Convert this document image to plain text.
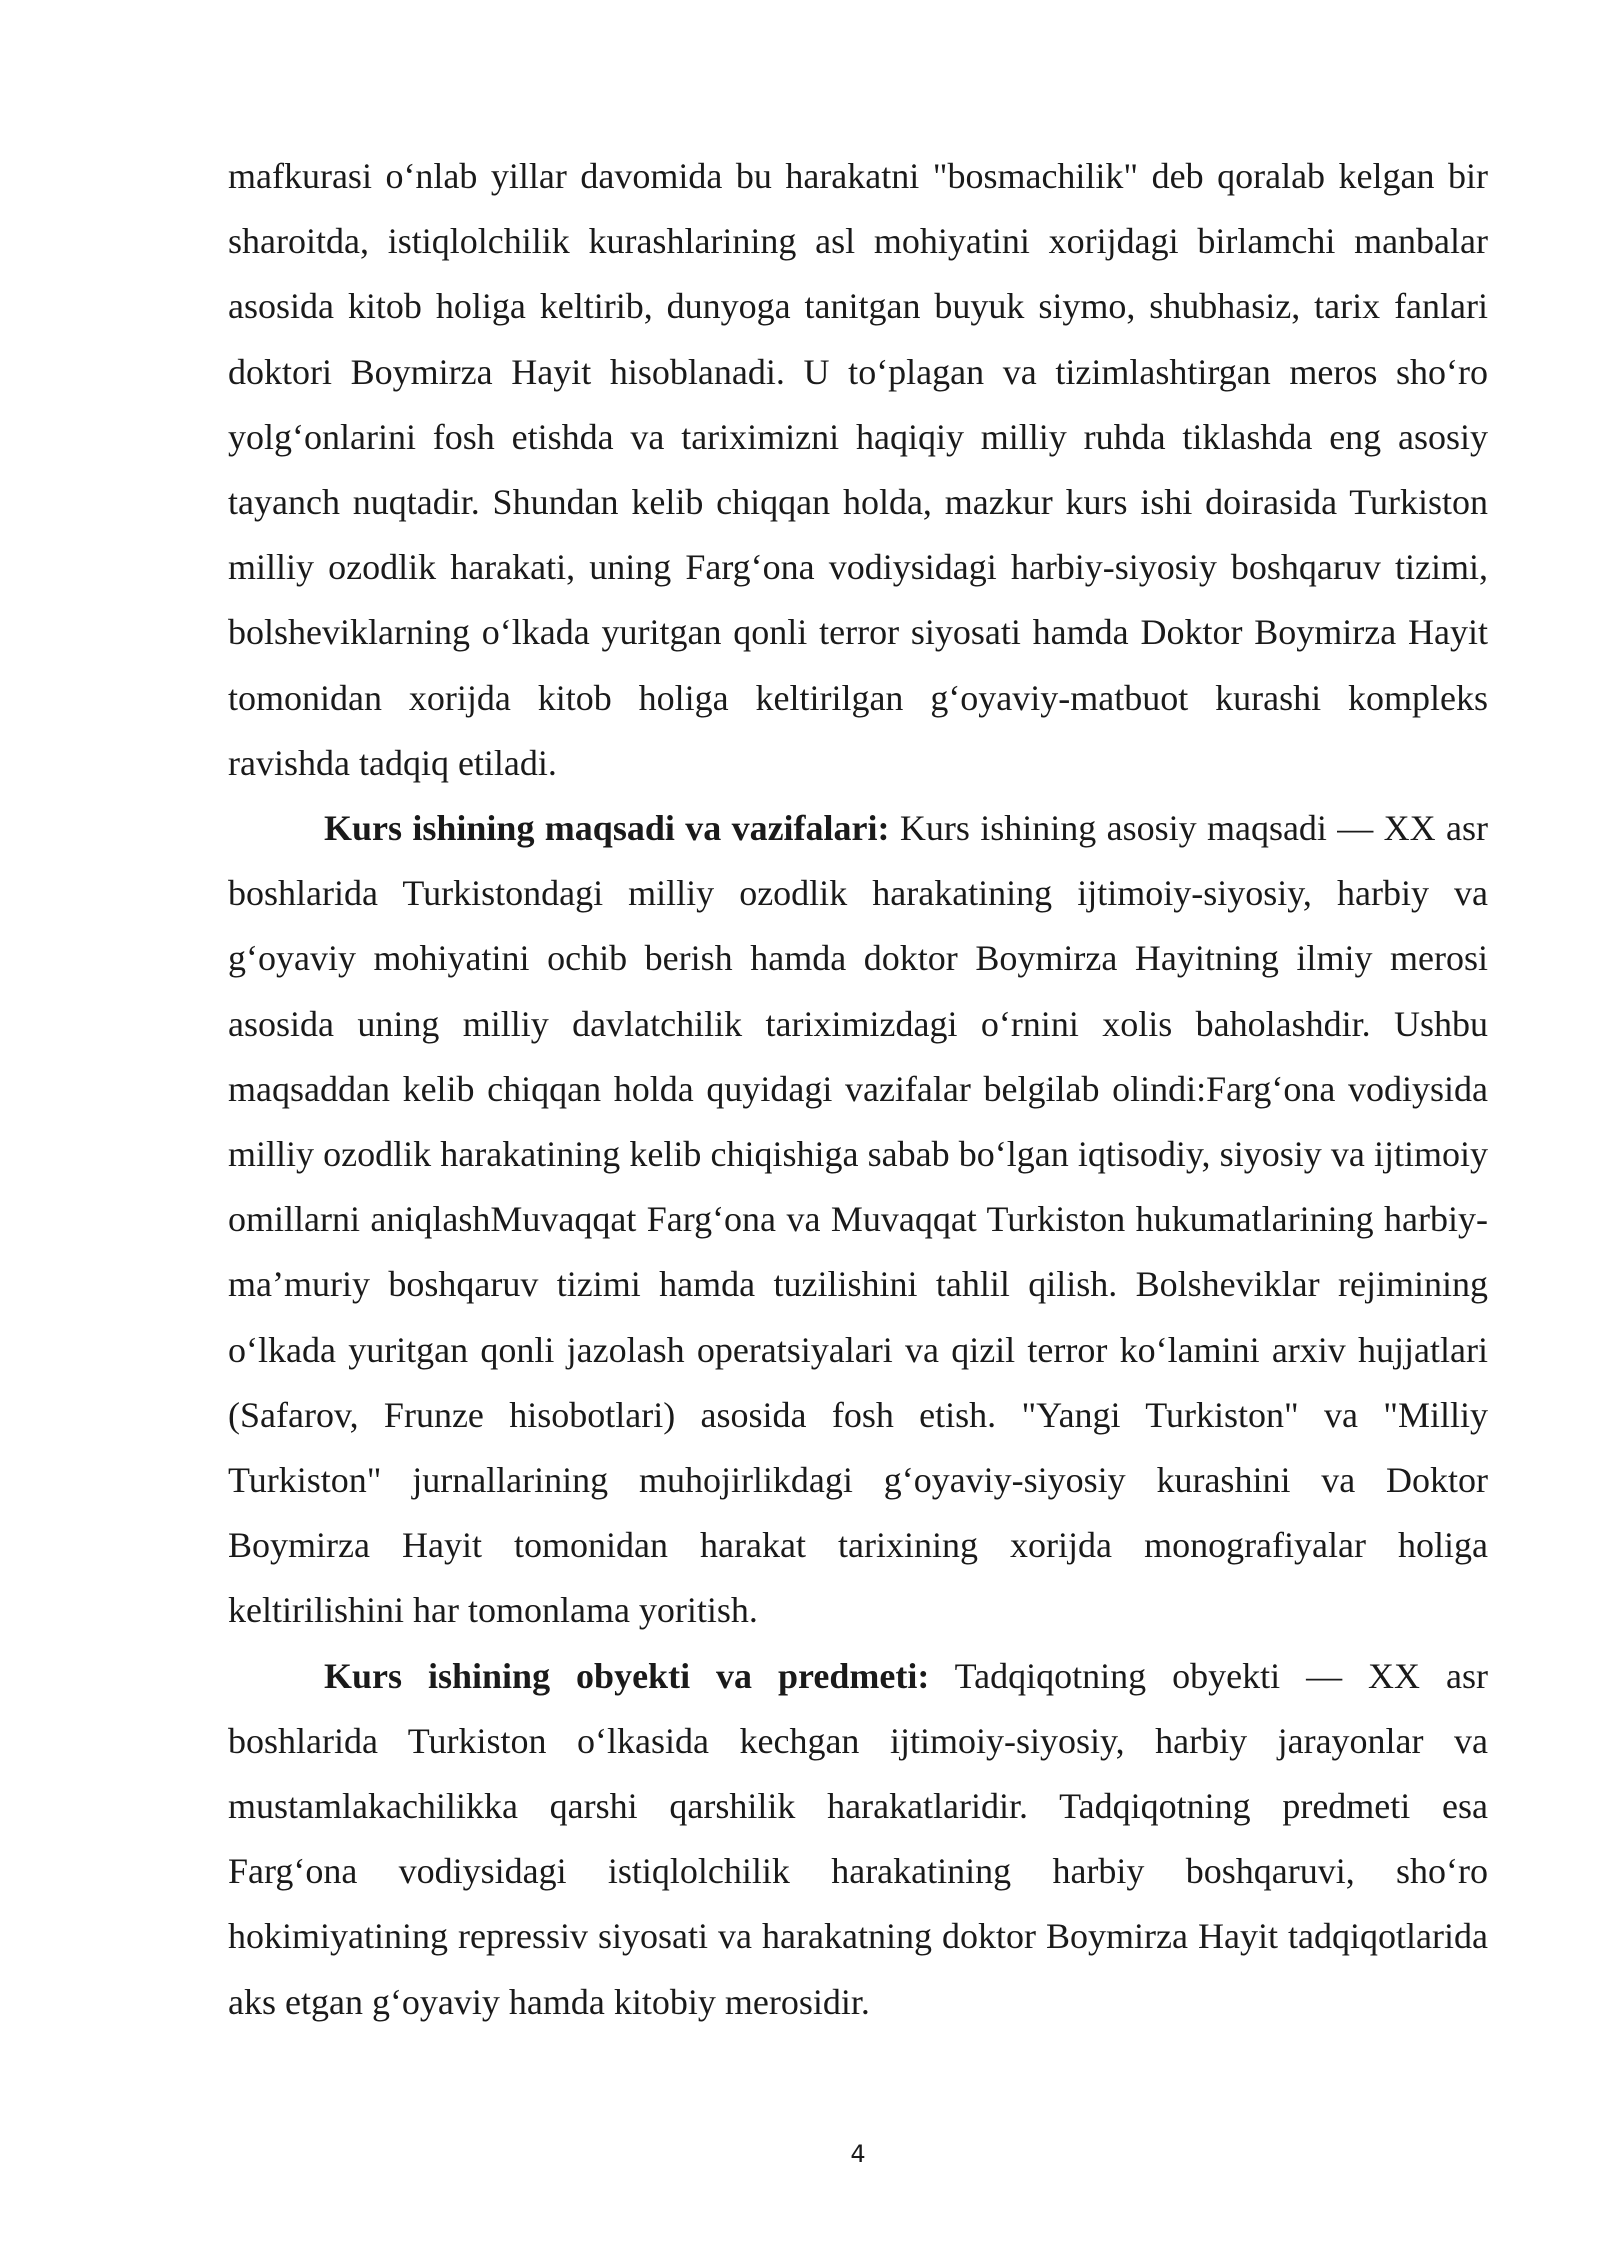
mafkurasi o‘nlab yillar davomida bu harakatni "bosmachilik" deb qoralab kelgan bir sharoitda, istiqlolchilik kurashlarining asl mohiyatini xorijdagi birlamchi manbalar asosida kitob holiga keltirib, dunyoga tanitgan buyuk siymo, shubhasiz, tarix fanlari doktori Boymirza Hayit hisoblanadi. U to‘plagan va tizimlashtirgan meros sho‘ro yolg‘onlarini fosh etishda va tariximizni haqiqiy milliy ruhda tiklashda eng asosiy tayanch nuqtadir. Shundan kelib chiqqan holda, mazkur kurs ishi doirasida Turkiston milliy ozodlik harakati, uning Farg‘ona vodiysidagi harbiy-siyosiy boshqaruv tizimi, bolsheviklarning o‘lkada yuritgan qonli terror siyosati hamda Doktor Boymirza Hayit tomonidan xorijda kitob holiga keltirilgan g‘oyaviy-matbuot kurashi kompleks ravishda tadqiq etiladi.

Kurs ishining maqsadi va vazifalari: Kurs ishining asosiy maqsadi — XX asr boshlarida Turkistondagi milliy ozodlik harakatining ijtimoiy-siyosiy, harbiy va g‘oyaviy mohiyatini ochib berish hamda doktor Boymirza Hayitning ilmiy merosi asosida uning milliy davlatchilik tariximizdagi o‘rnini xolis baholashdir. Ushbu maqsaddan kelib chiqqan holda quyidagi vazifalar belgilab olindi:Farg‘ona vodiysida milliy ozodlik harakatining kelib chiqishiga sabab bo‘lgan iqtisodiy, siyosiy va ijtimoiy omillarni aniqlashMuvaqqat Farg‘ona va Muvaqqat Turkiston hukumatlarining harbiy-ma’muriy boshqaruv tizimi hamda tuzilishini tahlil qilish. Bolsheviklar rejimining o‘lkada yuritgan qonli jazolash operatsiyalari va qizil terror ko‘lamini arxiv hujjatlari (Safarov, Frunze hisobotlari) asosida fosh etish. "Yangi Turkiston" va "Milliy Turkiston" jurnallarining muhojirlikdagi g‘oyaviy-siyosiy kurashini va Doktor Boymirza Hayit tomonidan harakat tarixining xorijda monografiyalar holiga keltirilishini har tomonlama yoritish.

Kurs ishining obyekti va predmeti: Tadqiqotning obyekti — XX asr boshlarida Turkiston o‘lkasida kechgan ijtimoiy-siyosiy, harbiy jarayonlar va mustamlakachilikka qarshi qarshilik harakatlaridir. Tadqiqotning predmeti esa Farg‘ona vodiysidagi istiqlolchilik harakatining harbiy boshqaruvi, sho‘ro hokimiyatining repressiv siyosati va harakatning doktor Boymirza Hayit tadqiqotlarida aks etgan g‘oyaviy hamda kitobiy merosidir.

4
